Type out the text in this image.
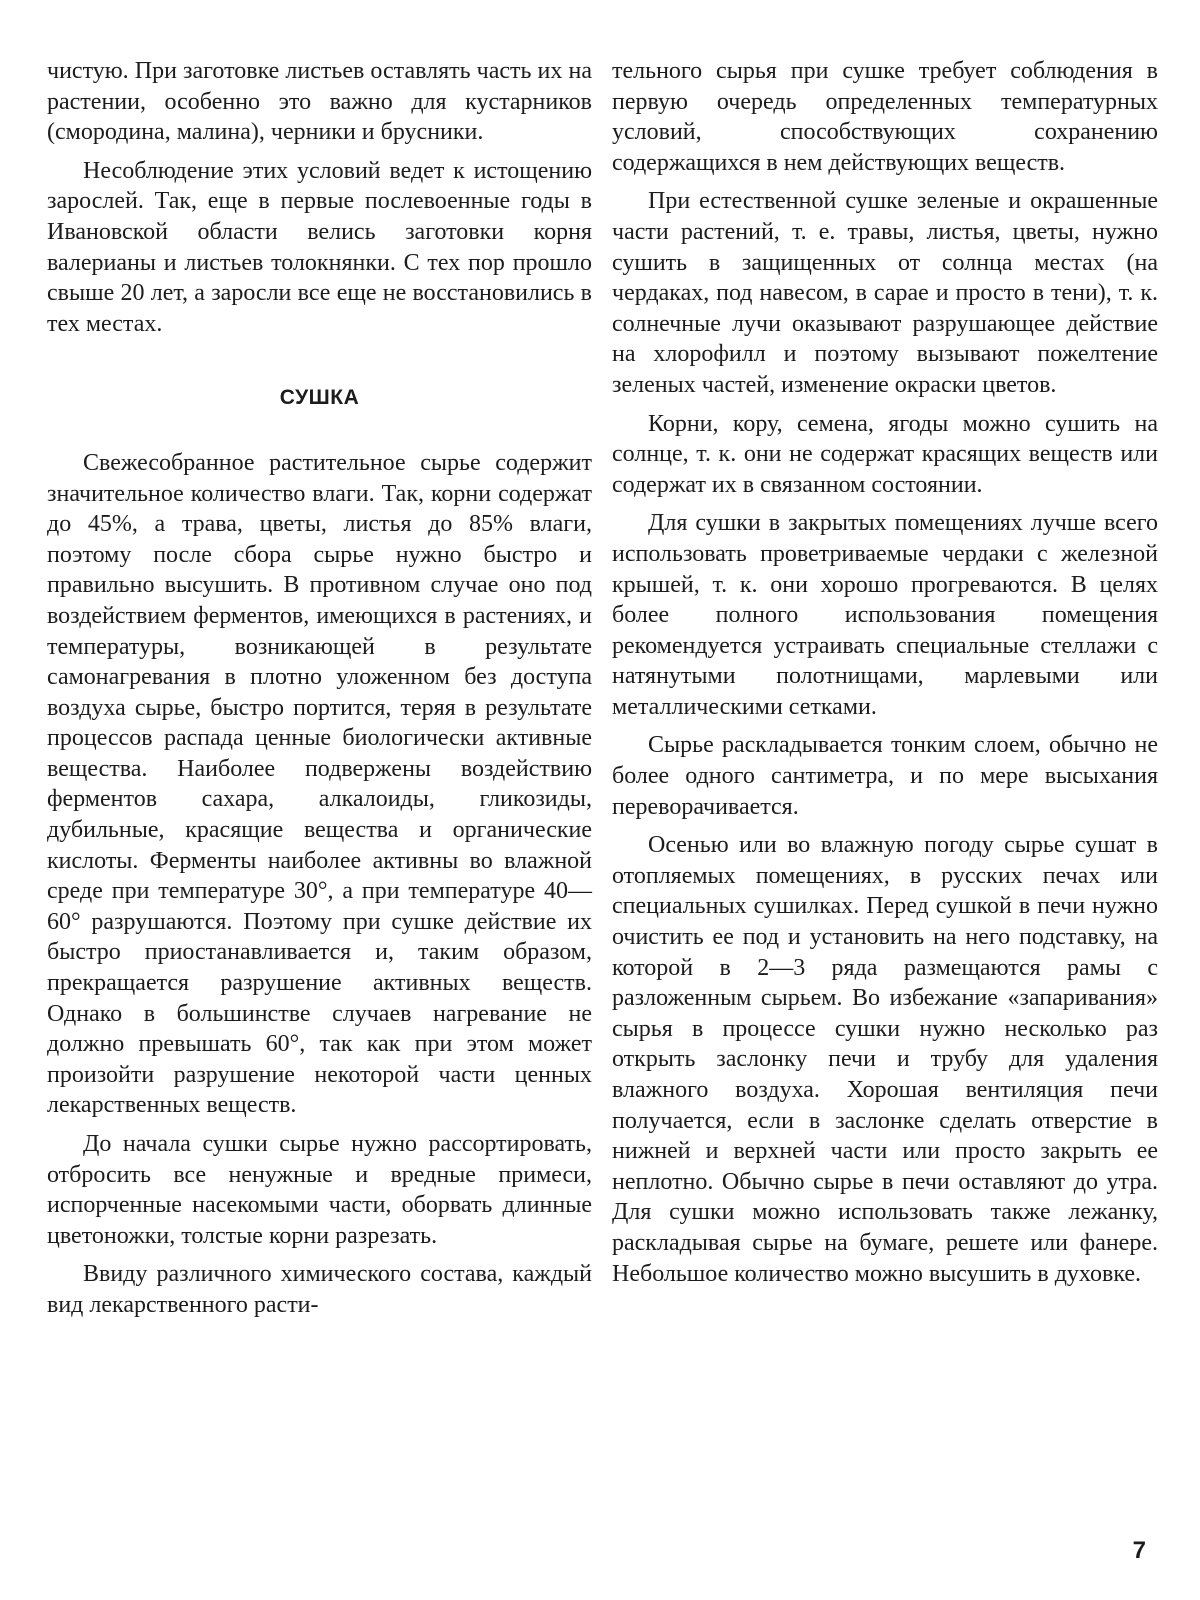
чистую. При заготовке листьев оставлять часть их на растении, особенно это важно для кустарников (смородина, малина), черники и брусники.

Несоблюдение этих условий ведет к истощению зарослей. Так, еще в первые послевоенные годы в Ивановской области велись заготовки корня валерианы и листьев толокнянки. С тех пор прошло свыше 20 лет, а заросли все еще не восстановились в тех местах.

СУШКА

Свежесобранное растительное сырье содержит значительное количество влаги. Так, корни содержат до 45%, а трава, цветы, листья до 85% влаги, поэтому после сбора сырье нужно быстро и правильно высушить. В противном случае оно под воздействием ферментов, имеющихся в растениях, и температуры, возникающей в результате самонагревания в плотно уложенном без доступа воздуха сырье, быстро портится, теряя в результате процессов распада ценные биологически активные вещества. Наиболее подвержены воздействию ферментов сахара, алкалоиды, гликозиды, дубильные, красящие вещества и органические кислоты. Ферменты наиболее активны во влажной среде при температуре 30°, а при температуре 40—60° разрушаются. Поэтому при сушке действие их быстро приостанавливается и, таким образом, прекращается разрушение активных веществ. Однако в большинстве случаев нагревание не должно превышать 60°, так как при этом может произойти разрушение некоторой части ценных лекарственных веществ.

До начала сушки сырье нужно рассортировать, отбросить все ненужные и вредные примеси, испорченные насекомыми части, оборвать длинные цветоножки, толстые корни разрезать.

Ввиду различного химического состава, каждый вид лекарственного расти-

тельного сырья при сушке требует соблюдения в первую очередь определенных температурных условий, способствующих сохранению содержащихся в нем действующих веществ.

При естественной сушке зеленые и окрашенные части растений, т. е. травы, листья, цветы, нужно сушить в защищенных от солнца местах (на чердаках, под навесом, в сарае и просто в тени), т. к. солнечные лучи оказывают разрушающее действие на хлорофилл и поэтому вызывают пожелтение зеленых частей, изменение окраски цветов.

Корни, кору, семена, ягоды можно сушить на солнце, т. к. они не содержат красящих веществ или содержат их в связанном состоянии.

Для сушки в закрытых помещениях лучше всего использовать проветриваемые чердаки с железной крышей, т. к. они хорошо прогреваются. В целях более полного использования помещения рекомендуется устраивать специальные стеллажи с натянутыми полотнищами, марлевыми или металлическими сетками.

Сырье раскладывается тонким слоем, обычно не более одного сантиметра, и по мере высыхания переворачивается.

Осенью или во влажную погоду сырье сушат в отопляемых помещениях, в русских печах или специальных сушилках. Перед сушкой в печи нужно очистить ее под и установить на него подставку, на которой в 2—3 ряда размещаются рамы с разложенным сырьем. Во избежание «запаривания» сырья в процессе сушки нужно несколько раз открыть заслонку печи и трубу для удаления влажного воздуха. Хорошая вентиляция печи получается, если в заслонке сделать отверстие в нижней и верхней части или просто закрыть ее неплотно. Обычно сырье в печи оставляют до утра. Для сушки можно использовать также лежанку, раскладывая сырье на бумаге, решете или фанере. Небольшое количество можно высушить в духовке.

7
